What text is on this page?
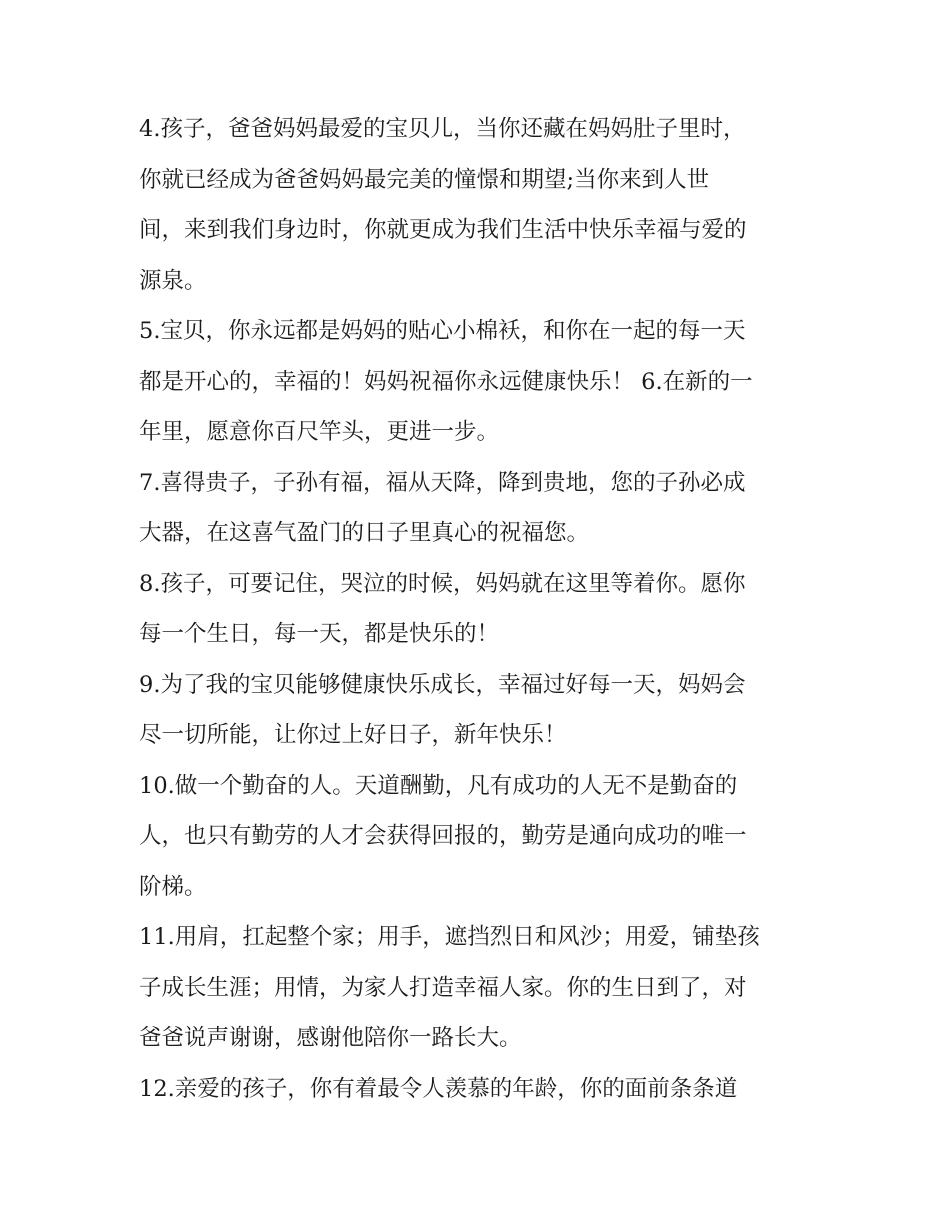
4.孩子，爸爸妈妈最爱的宝贝儿，当你还藏在妈妈肚子里时，
你就已经成为爸爸妈妈最完美的憧憬和期望;当你来到人世
间，来到我们身边时，你就更成为我们生活中快乐幸福与爱的
源泉。
5.宝贝，你永远都是妈妈的贴心小棉袄，和你在一起的每一天
都是开心的，幸福的！妈妈祝福你永远健康快乐！ 6.在新的一
年里，愿意你百尺竿头，更进一步。
7.喜得贵子，子孙有福，福从天降，降到贵地，您的子孙必成
大器，在这喜气盈门的日子里真心的祝福您。
8.孩子，可要记住，哭泣的时候，妈妈就在这里等着你。愿你
每一个生日，每一天，都是快乐的！
9.为了我的宝贝能够健康快乐成长，幸福过好每一天，妈妈会
尽一切所能，让你过上好日子，新年快乐！
10.做一个勤奋的人。天道酬勤，凡有成功的人无不是勤奋的
人，也只有勤劳的人才会获得回报的，勤劳是通向成功的唯一
阶梯。
11.用肩，扛起整个家；用手，遮挡烈日和风沙；用爱，铺垫孩
子成长生涯；用情，为家人打造幸福人家。你的生日到了，对
爸爸说声谢谢，感谢他陪你一路长大。
12.亲爱的孩子，你有着最令人羡慕的年龄，你的面前条条道
